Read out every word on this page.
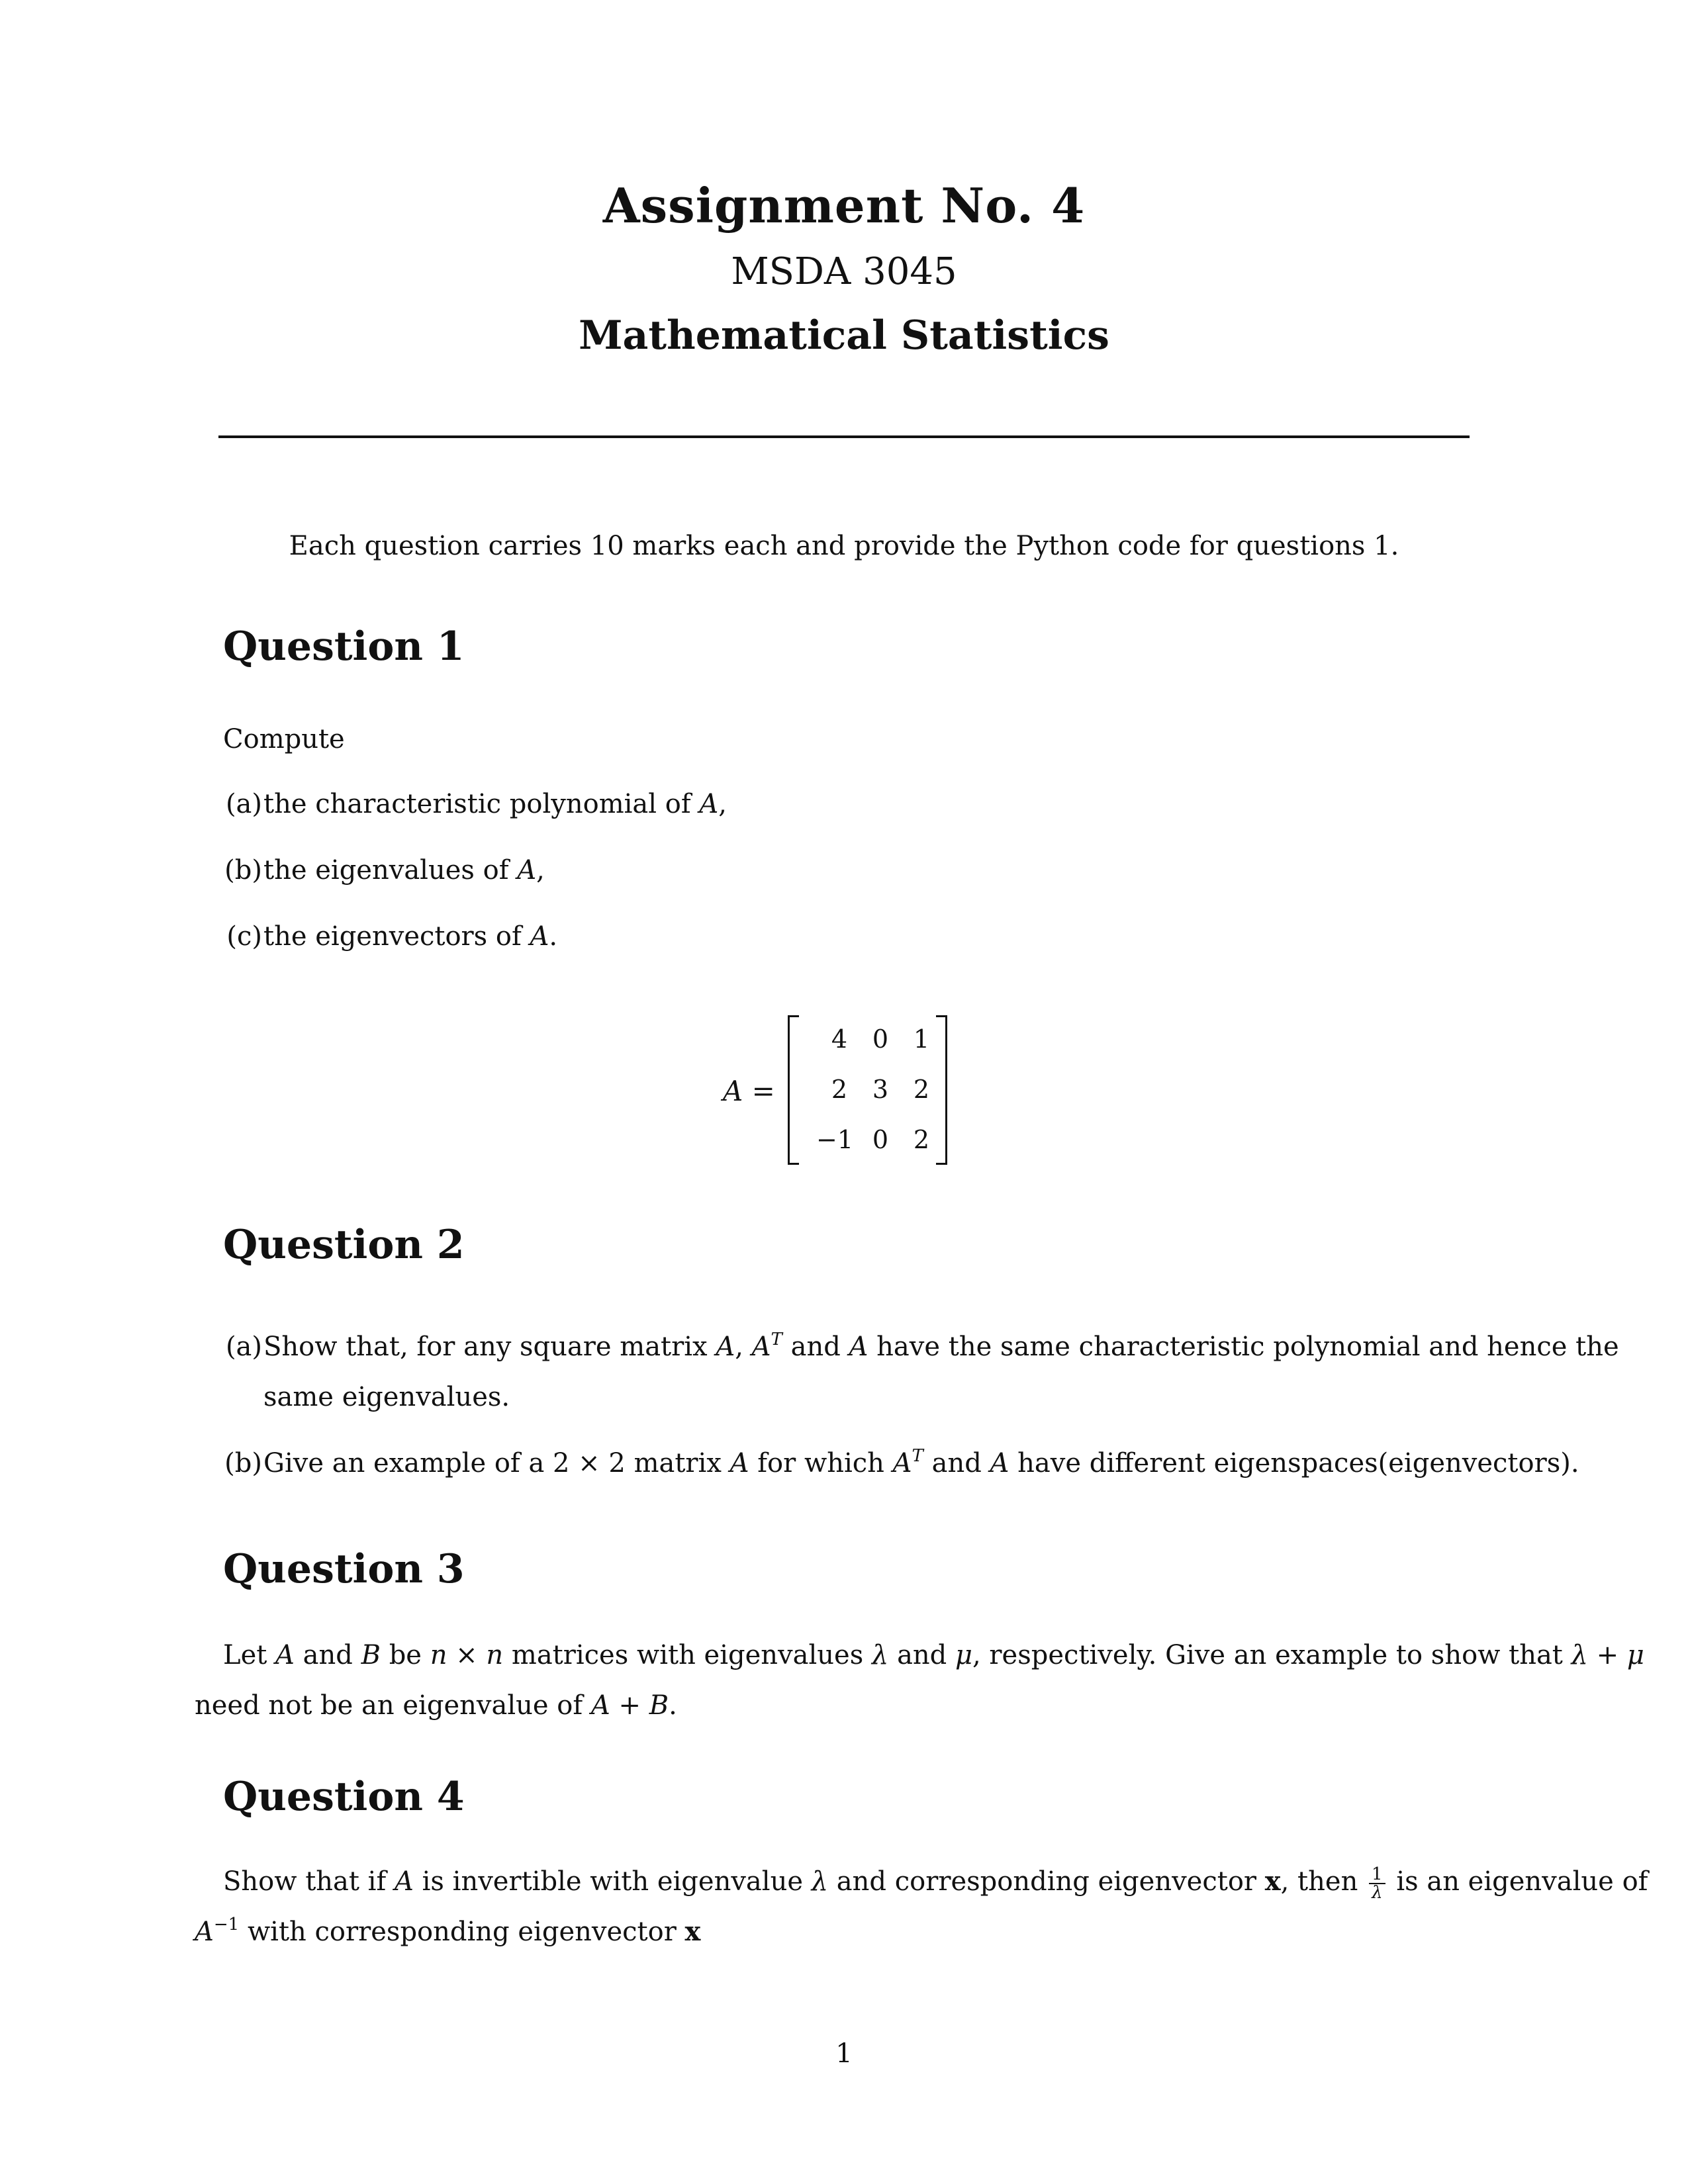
Assignment No. 4
MSDA 3045
Mathematical Statistics
Each question carries 10 marks each and provide the Python code for questions 1.
Question 1
Compute
(a) the characteristic polynomial of A,
(b) the eigenvalues of A,
(c) the eigenvectors of A.
A =
4 0 1
2 3 2
−1 0 2
Question 2
(a) Show that, for any square matrix A, $A^T$ and A have the same characteristic polynomial and hence the
same eigenvalues.
(b) Give an example of a 2 × 2 matrix A for which $A^T$ and A have different eigenspaces(eigenvectors).
Question 3
Let A and B be n × n matrices with eigenvalues λ and μ, respectively. Give an example to show that λ + μ
need not be an eigenvalue of A + B.
Question 4
Show that if A is invertible with eigenvalue λ and corresponding eigenvector x, then $\frac{1}{\lambda}$ is an eigenvalue of
$A^{-1}$ with corresponding eigenvector x
1
